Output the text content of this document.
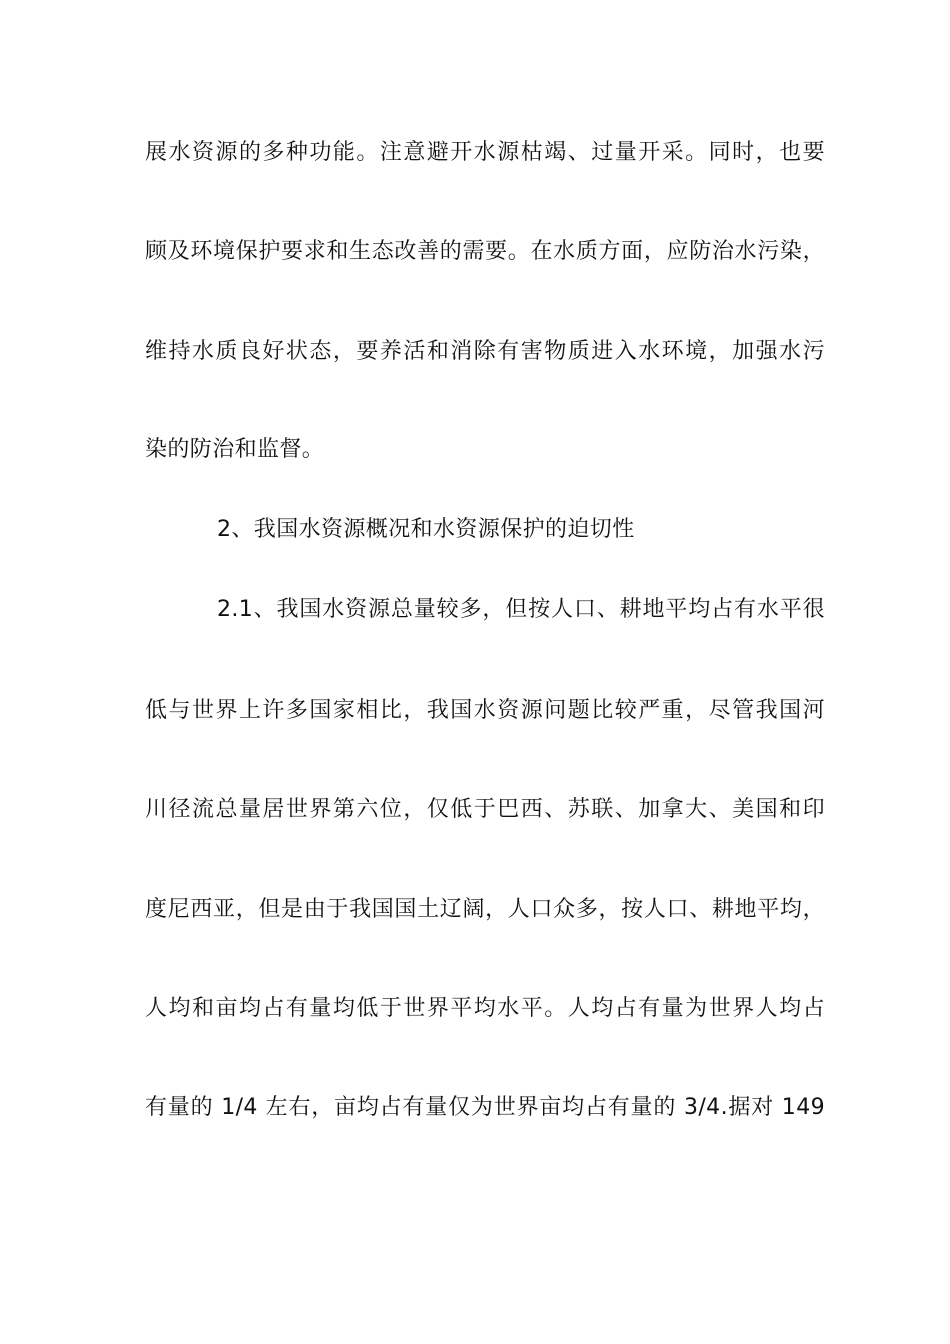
展水资源的多种功能。注意避开水源枯竭、过量开采。同时，也要
顾及环境保护要求和生态改善的需要。在水质方面，应防治水污染，
维持水质良好状态，要养活和消除有害物质进入水环境，加强水污
染的防治和监督。
2、我国水资源概况和水资源保护的迫切性
2.1、我国水资源总量较多，但按人口、耕地平均占有水平很
低与世界上许多国家相比，我国水资源问题比较严重，尽管我国河
川径流总量居世界第六位，仅低于巴西、苏联、加拿大、美国和印
度尼西亚，但是由于我国国土辽阔，人口众多，按人口、耕地平均，
人均和亩均占有量均低于世界平均水平。人均占有量为世界人均占
有量的 1/4 左右，亩均占有量仅为世界亩均占有量的 3/4.据对 149
